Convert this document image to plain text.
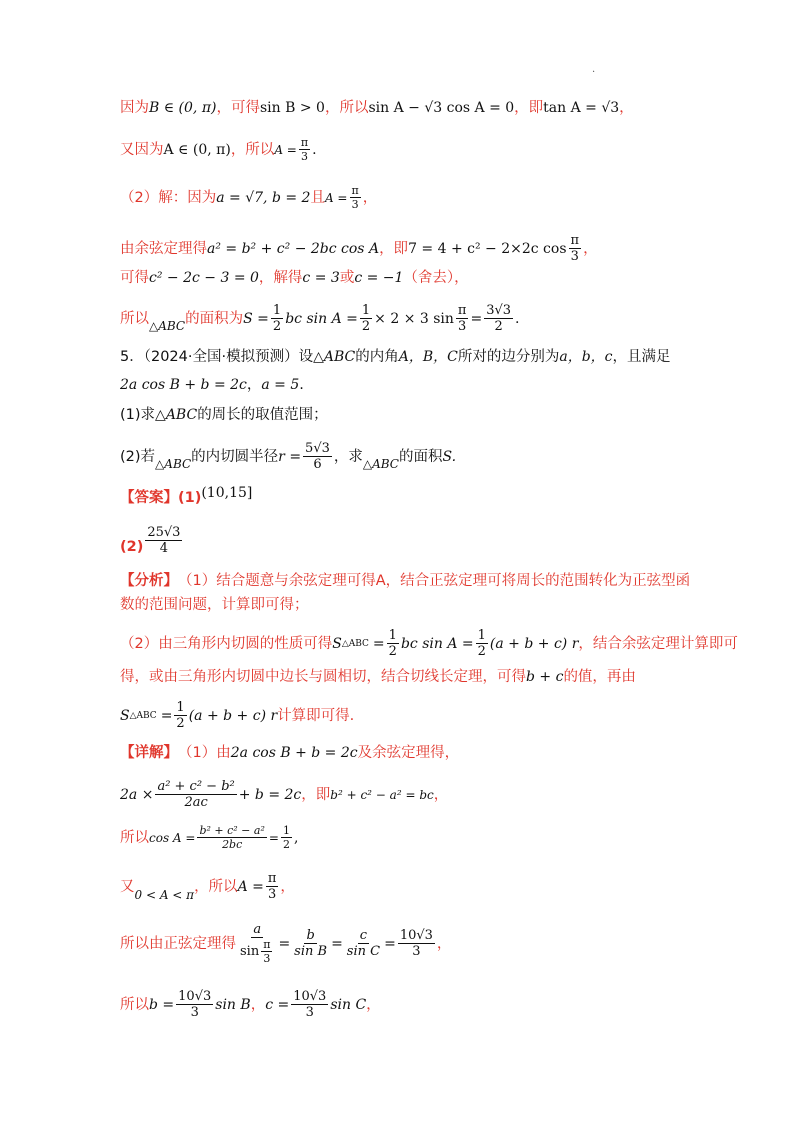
.
因为 B ∈ (0, π) ，可得 sin B > 0 ，所以 sin A − √3 cos A = 0 ，即 tan A = √3 ，
又因为 A ∈ (0, π) ，所以 $A = \frac{\pi}{3}$ .
（2）解：因为 a = √7, b = 2 且 $A = \frac{\pi}{3}$ ，
由余弦定理得 a² = b² + c² − 2bc cos A ，即 7 = 4 + c² − 2×2c $\cos \frac{\pi}{3}$ ，
可得 c² − 2c − 3 = 0 ，解得 c = 3 或 c = −1 （舍去），
所以 △ABC 的面积为 $S = \frac{1}{2}$ bc $\sin A = \frac{1}{2} \times 2 \times 3$ $\sin \frac{\pi}{3} = \frac{3√3}{2}$ .
5．（2024·全国·模拟预测）设 △ABC 的内角 A，B，C 所对的边分别为 a，b，c ，且满足
2a cos B + b = 2c ， a = 5 .
(1)求 △ABC 的周长的取值范围；
(2)若 △ABC 的内切圆半径 $r = \frac{5√3}{6}$ ，求 △ABC 的面积 S.
【答案】 (1) (10,15]
$(2) \frac{25√3}{4}$
【分析】 （1）结合题意与余弦定理可得A，结合正弦定理可将周长的范围转化为正弦型函
数的范围问题，计算即可得；
（2）由三角形内切圆的性质可得 S △ABC = $\frac{1}{2}$ bc $\sin A = \frac{1}{2} (a + b + c)$ r ，结合余弦定理计算即可
得，或由三角形内切圆中边长与圆相切，结合切线长定理，可得 b + c 的值，再由
S △ABC = $\frac{1}{2} (a + b + c)$ r 计算即可得.
【详解】 （1）由 2a cos B + b = 2c 及余弦定理得，
$2a \times \frac{\text{a² + c² − b²}}{2ac} + b = 2c$ ，即 b² + c² − a² = bc ，
所以 $\cos A = \frac{\text{b² + c² − a²}}{2bc} = \frac{1}{2}$ ,
又 0 < A < π ，所以 $A = \frac{\pi}{3}$ ，
所以由正弦定理得 $\frac{a}{\sin \frac{\pi}{3}} = \frac{b}{\text{sin B}} = \frac{c}{\text{sin C}} = \frac{10√3}{3}$ ，
所以 $b = \frac{10√3}{3}$ sin B ， $c = \frac{10√3}{3}$ sin C ，
